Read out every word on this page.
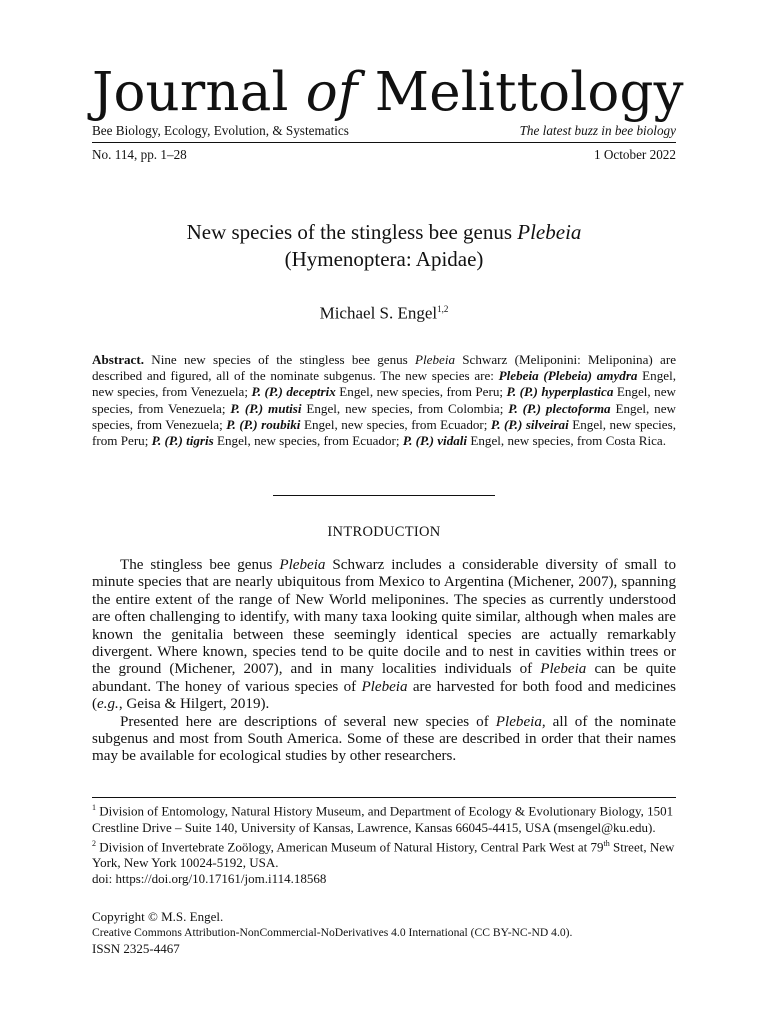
Journal of Melittology
Bee Biology, Ecology, Evolution, & Systematics	The latest buzz in bee biology
No. 114, pp. 1–28	1 October 2022
New species of the stingless bee genus Plebeia
(Hymenoptera: Apidae)
Michael S. Engel$^{1,2}$
Abstract. Nine new species of the stingless bee genus Plebeia Schwarz (Meliponini: Meliponina) are described and figured, all of the nominate subgenus. The new species are: Plebeia (Plebeia) amydra Engel, new species, from Venezuela; P. (P.) deceptrix Engel, new species, from Peru; P. (P.) hyperplastica Engel, new species, from Venezuela; P. (P.) mutisi Engel, new species, from Colombia; P. (P.) plectoforma Engel, new species, from Venezuela; P. (P.) roubiki Engel, new species, from Ecuador; P. (P.) silveirai Engel, new species, from Peru; P. (P.) tigris Engel, new species, from Ecuador; P. (P.) vidali Engel, new species, from Costa Rica.
INTRODUCTION

The stingless bee genus Plebeia Schwarz includes a considerable diversity of small to minute species that are nearly ubiquitous from Mexico to Argentina (Michener, 2007), spanning the entire extent of the range of New World meliponines. The species as currently understood are often challenging to identify, with many taxa looking quite similar, although when males are known the genitalia between these seemingly identical species are actually remarkably divergent. Where known, species tend to be quite docile and to nest in cavities within trees or the ground (Michener, 2007), and in many localities individuals of Plebeia can be quite abundant. The honey of various species of Plebeia are harvested for both food and medicines (e.g., Geisa & Hilgert, 2019).

Presented here are descriptions of several new species of Plebeia, all of the nominate subgenus and most from South America. Some of these are described in order that their names may be available for ecological studies by other researchers.

$^1$ Division of Entomology, Natural History Museum, and Department of Ecology & Evolutionary Biology, 1501 Crestline Drive – Suite 140, University of Kansas, Lawrence, Kansas 66045-4415, USA (msengel@ku.edu).

$^2$ Division of Invertebrate Zoölogy, American Museum of Natural History, Central Park West at 79th Street, New York, New York 10024-5192, USA.

doi: https://doi.org/10.17161/jom.i114.18568

Copyright © M.S. Engel.

Creative Commons Attribution-NonCommercial-NoDerivatives 4.0 International (CC BY-NC-ND 4.0).

ISSN 2325-4467
